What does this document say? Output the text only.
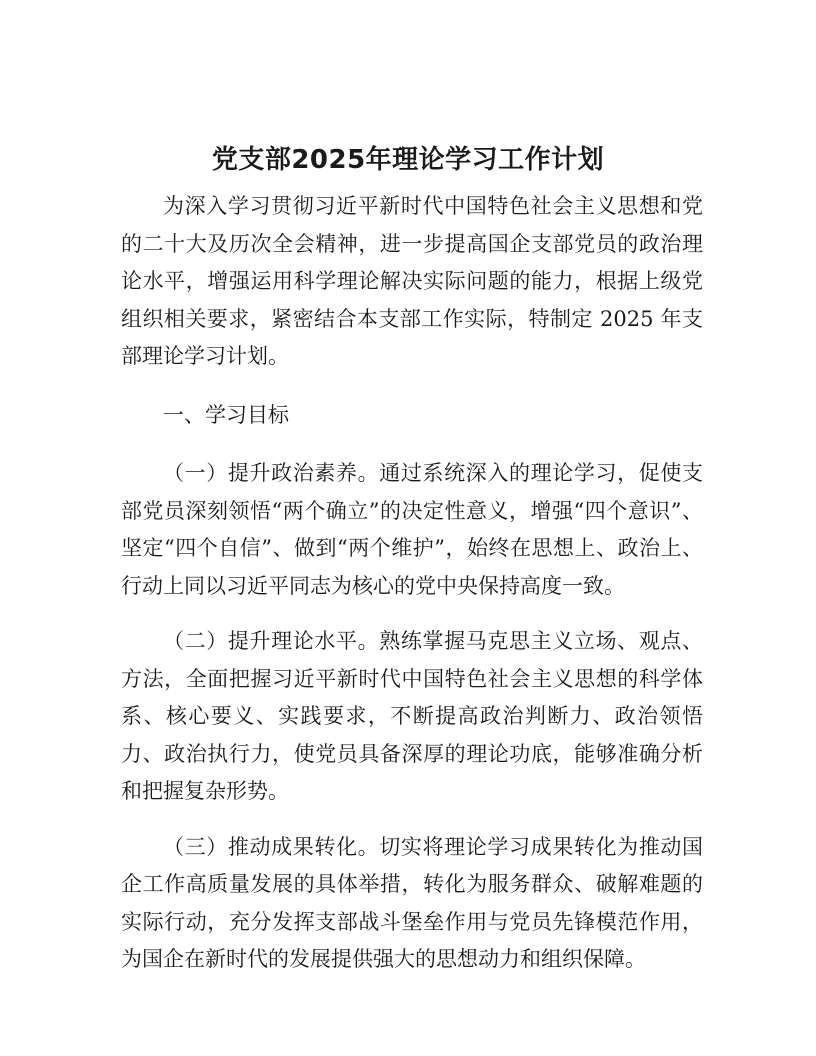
党支部2025年理论学习工作计划

为深入学习贯彻习近平新时代中国特色社会主义思想和党的二十大及历次全会精神，进一步提高国企支部党员的政治理论水平，增强运用科学理论解决实际问题的能力，根据上级党组织相关要求，紧密结合本支部工作实际，特制定 2025 年支部理论学习计划。

一、学习目标

（一）提升政治素养。通过系统深入的理论学习，促使支部党员深刻领悟“两个确立”的决定性意义，增强“四个意识”、坚定“四个自信”、做到“两个维护”，始终在思想上、政治上、行动上同以习近平同志为核心的党中央保持高度一致。

（二）提升理论水平。熟练掌握马克思主义立场、观点、方法，全面把握习近平新时代中国特色社会主义思想的科学体系、核心要义、实践要求，不断提高政治判断力、政治领悟力、政治执行力，使党员具备深厚的理论功底，能够准确分析和把握复杂形势。

（三）推动成果转化。切实将理论学习成果转化为推动国企工作高质量发展的具体举措，转化为服务群众、破解难题的实际行动，充分发挥支部战斗堡垒作用与党员先锋模范作用，为国企在新时代的发展提供强大的思想动力和组织保障。
